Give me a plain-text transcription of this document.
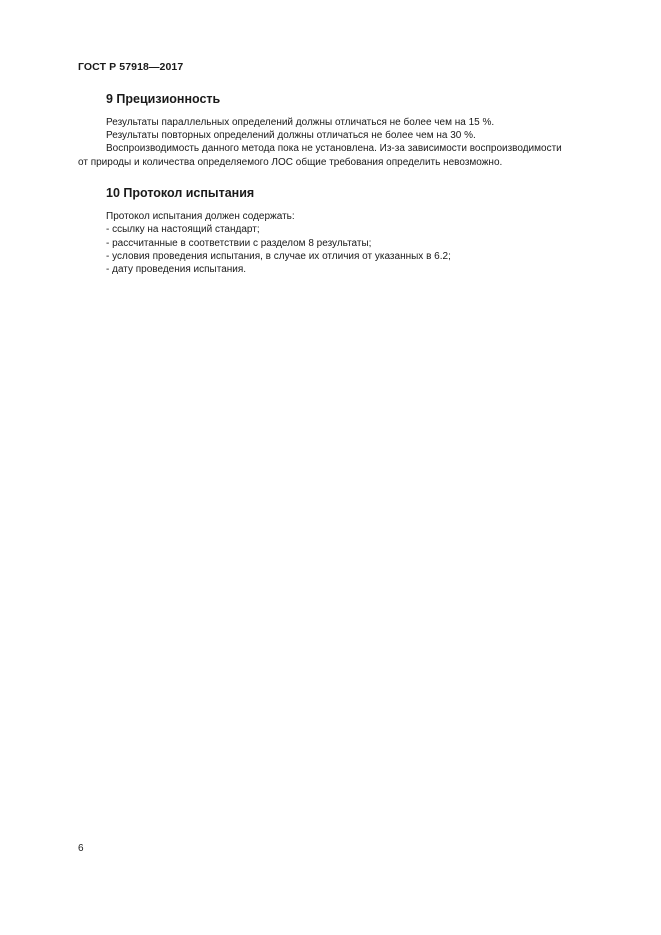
ГОСТ Р 57918—2017
9 Прецизионность
Результаты параллельных определений должны отличаться не более чем на 15 %.
Результаты повторных определений должны отличаться не более чем на 30 %.
Воспроизводимость данного метода пока не установлена. Из-за зависимости воспроизводимости
от природы и количества определяемого ЛОС общие требования определить невозможно.
10 Протокол испытания
Протокол испытания должен содержать:
- ссылку на настоящий стандарт;
- рассчитанные в соответствии с разделом 8 результаты;
- условия проведения испытания, в случае их отличия от указанных в 6.2;
- дату проведения испытания.
6
